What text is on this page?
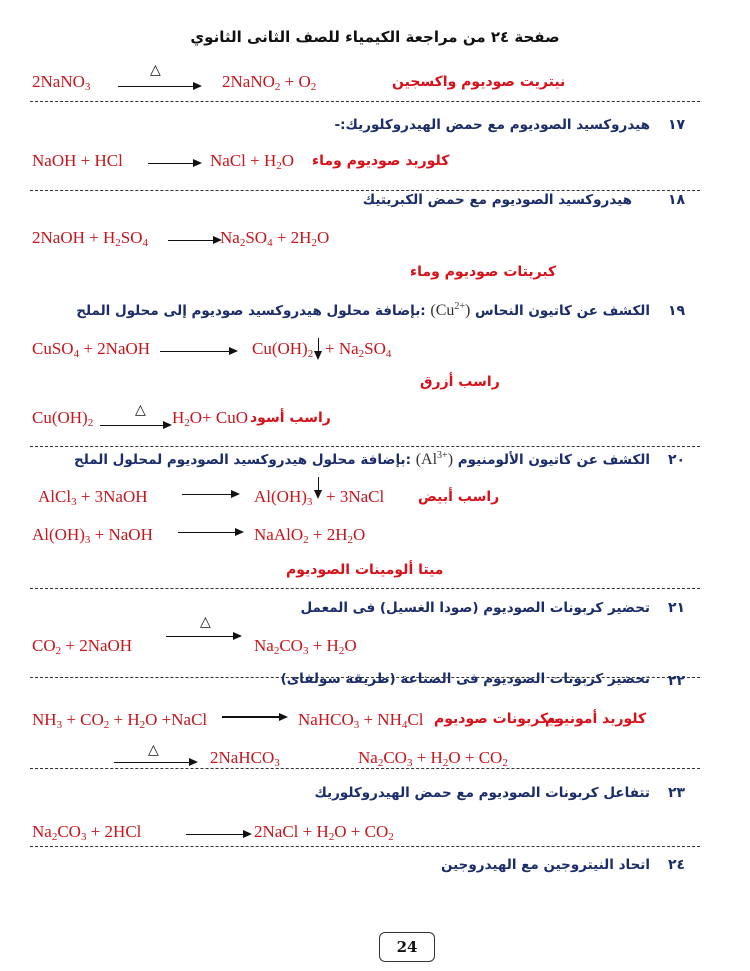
صفحة ٢٤ من مراجعة الكيمياء للصف الثانى الثانوي
2NaNO$_3$
△
2NaNO$_2$ + $O_2$	نيتريت صوديوم واكسجين
١٧
هيدروكسيد الصوديوم مع حمض الهيدروكلوريك:-
NaOH + HCl → NaCl + $H_2O$ كلوريد صوديوم وماء
١٨
هيدروكسيد الصوديوم مع حمض الكبريتيك
2NaOH + $H_2SO_4 \to Na_2SO_4 + 2H_2O$
كبريتات صوديوم وماء
١٩
الكشف عن كاتيون النحاس $(Cu^{2+})$ :بإضافة محلول هيدروكسيد صوديوم إلى محلول الملح
CuSO$_4$ + 2NaOH	$Cu(OH)_2 + Na_2SO_4$
راسب أزرق
$Cu(OH)_2$
△ $H_2O+$ CuO راسب أسود
٢٠
الكشف عن كاتيون الألومنيوم $(Al^{3+})$ :بإضافة محلول هيدروكسيد الصوديوم لمحلول الملح
AlCl$_3$ + 3NaOH → $Al(OH)_3$ + 3NaCl راسب أبيض
$Al(OH)_3$ + NaOH → NaAlO$_2$ + $2H_2O$
ميتا ألومينات الصوديوم
٢١
تحضير كربونات الصوديوم (صودا الغسيل) فى المعمل
△
$CO_2$ + 2NaOH	$Na_2CO_3 + H_2O$
٢٢
تحضير كربونات الصوديوم فى الصناعة (طريقة سولفاى)
$NH_3 + CO_2 + H_2O$ +NaCl → NaHCO$_3$ + $NH_4Cl$ بيكربونات صوديوم
كلوريد أمونيوم
△	2NaHCO$_3$	$Na_2CO_3 + H_2O + CO_2$
٢٣
تتفاعل كربونات الصوديوم مع حمض الهيدروكلوريك
$Na_2CO_3 + 2HCl$	→ 2NaCl + $H_2O + CO_2$
٢٤
اتحاد النيتروجين مع الهيدروجين
24
